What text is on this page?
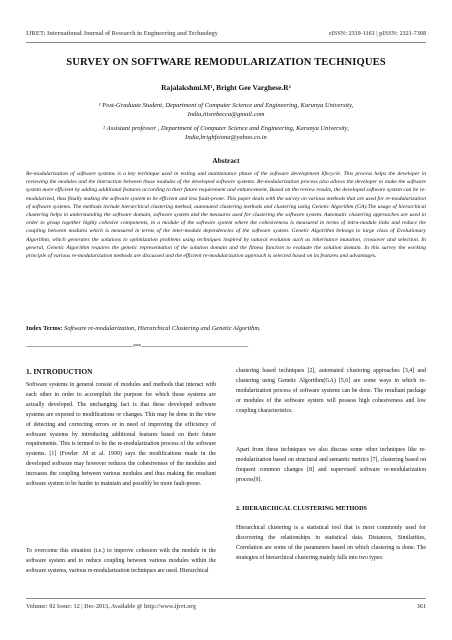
IJRET: International Journal of Research in Engineering and Technology	eISSN: 2319-1163 | pISSN: 2321-7308
SURVEY ON SOFTWARE REMODULARIZATION TECHNIQUES
Rajalakshmi.M¹, Bright Gee Varghese.R²
¹ Post-Graduate Student, Department of Computer Science and Engineering, Karunya University,
India,itisrebecca@gmail.com
² Assistant professor , Department of Computer Science and Engineering, Karunya University,
India,brighfsiona@yahoo.co.in
Abstract

Re-modularization of software systems is a key technique used in testing and maintenance phase of the software development lifecycle. This process helps the developer in reviewing the modules and the interaction between those modules of the developed software systems. Re-modularization process also allows the developer to make the software system more efficient by adding additional features according to their future requirement and enhancement. Based on the review results, the developed software system can be re-modularized, thus finally making the software system to be efficient and less fault-prone. This paper deals with the survey on various methods that are used for re-modularization of software systems. The methods include hierarchical clustering method, automated clustering methods and clustering using Genetic Algorithm (GA).The usage of hierarchical clustering helps in understanding the software domain, software system and the measures used for clustering the software system. Automatic clustering approaches are used in order to group together highly cohesive components, in a module of the software system where the cohesiveness is measured in terms of intra-module links and reduce the coupling between modules which is measured in terms of the inter-module dependencies of the software system. Genetic Algorithm belongs to large class of Evolutionary Algorithm, which generates the solutions to optimization problems using techniques inspired by natural evolution such as inheritance mutation, crossover and selection. In general, Genetic Algorithm requires the genetic representation of the solution domain and the fitness function to evaluate the solution domain. In this survey the working principle of various re-modularization methods are discussed and the efficient re-modularization approach is selected based on its features and advantages.

Index Terms: Software re-modularization, Hierarchical Clustering and Genetic Algorithm.
-------------------------------------------------------------------***-------------------------------------------------------------------
1. INTRODUCTION

Software systems in general consist of modules and methods that interact with each other in order to accomplish the purpose for which those systems are actually developed. The unchanging fact is that these developed software systems are exposed to modifications or changes. This may be done in the view of detecting and correcting errors or in need of improving the efficiency of software systems by introducing additional features based on their future requirements. This is termed to be the re-modularization process of the software systems. [1] (Fowler .M et al. 1999) says the modifications made in the developed software may however reduces the cohesiveness of the modules and increases the coupling between various modules and thus making the resultant software system to be harder to maintain and possibly be more fault-prone.

To overcome this situation (i.e.) to improve cohesion with the module in the software system and to reduce coupling between various modules within the software systems, various re-modularization techniques are used. Hierarchical

clustering based techniques [2], automated clustering approaches [3,4] and clustering using Genetic Algorithm(GA) [5,6] are some ways in which re-modularization process of software systems can be done. The resultant package or modules of the software system will possess high cohesiveness and low coupling characteristics.

Apart from these techniques we also discuss some other techniques like re-modularization based on structural and semantic metrics [7], clustering based on frequent common changes [8] and supervised software re-modularization process[9].

2. HIERARCHICAL CLUSTERING METHODS

Hierarchical clustering is a statistical tool that is most commonly used for discovering the relationships in statistical data. Distances, Similarities, Correlation are some of the parameters based on which clustering is done. The strategies of hierarchical clustering mainly falls into two types:

Volume: 02 Issue: 12 | Dec-2013, Available @ http://www.ijret.org	361
